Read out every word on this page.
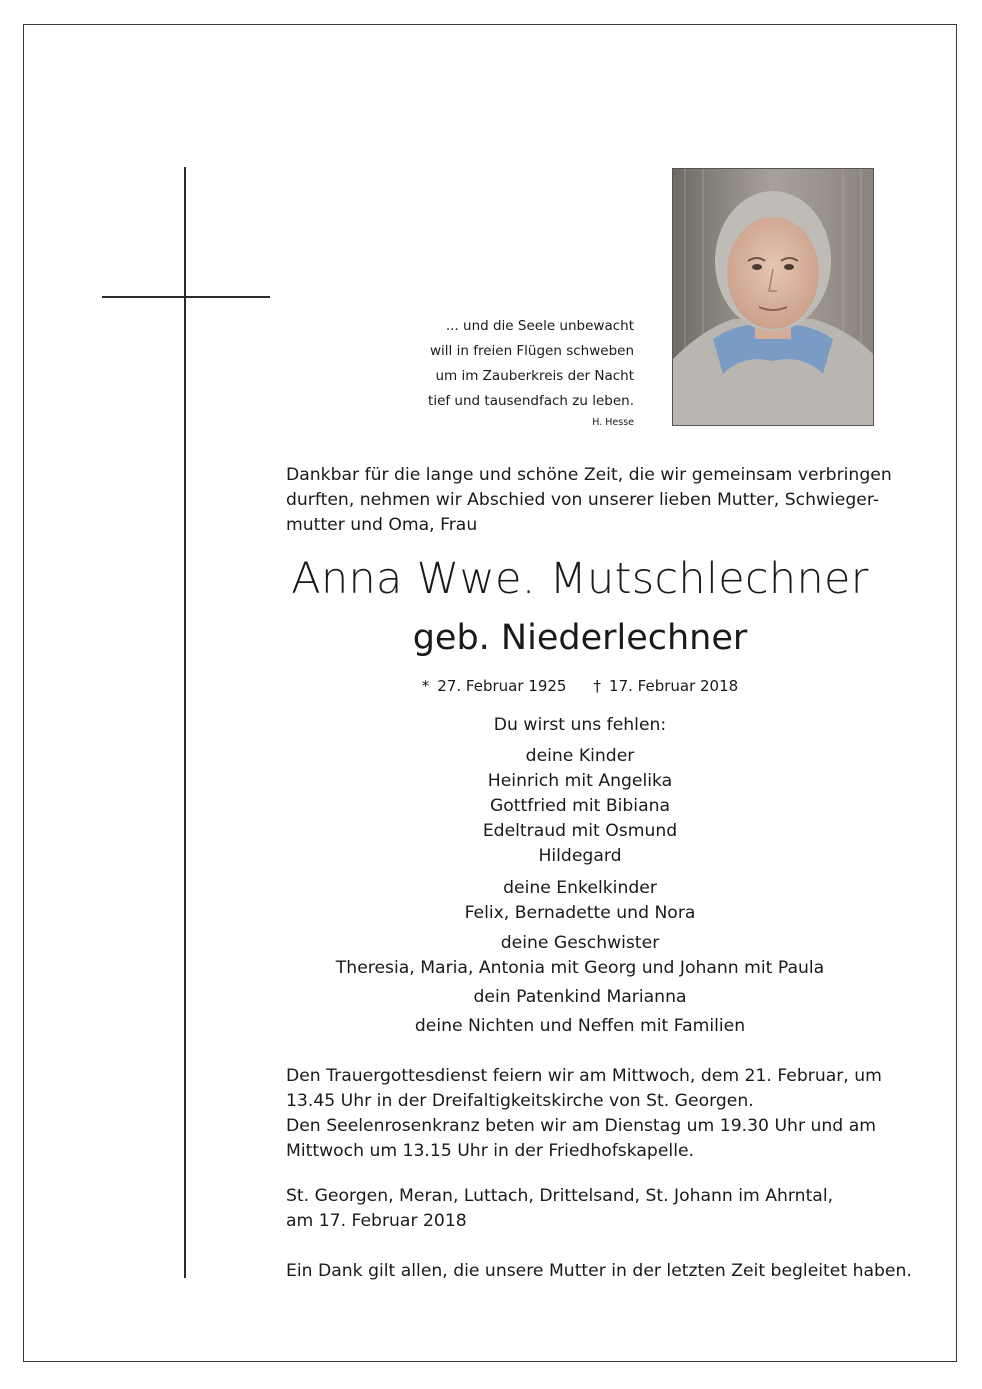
... und die Seele unbewacht
will in freien Flügen schweben
um im Zauberkreis der Nacht
tief und tausendfach zu leben.
H. Hesse
Dankbar für die lange und schöne Zeit, die wir gemeinsam verbringen
durften, nehmen wir Abschied von unserer lieben Mutter, Schwieger-
mutter und Oma, Frau
Anna Wwe. Mutschlechner
geb. Niederlechner
* 27. Februar 1925 † 17. Februar 2018
Du wirst uns fehlen:
deine Kinder
Heinrich mit Angelika
Gottfried mit Bibiana
Edeltraud mit Osmund
Hildegard
deine Enkelkinder
Felix, Bernadette und Nora
deine Geschwister
Theresia, Maria, Antonia mit Georg und Johann mit Paula
dein Patenkind Marianna
deine Nichten und Neffen mit Familien
Den Trauergottesdienst feiern wir am Mittwoch, dem 21. Februar, um
13.45 Uhr in der Dreifaltigkeitskirche von St. Georgen.
Den Seelenrosenkranz beten wir am Dienstag um 19.30 Uhr und am
Mittwoch um 13.15 Uhr in der Friedhofskapelle.
St. Georgen, Meran, Luttach, Drittelsand, St. Johann im Ahrntal,
am 17. Februar 2018
Ein Dank gilt allen, die unsere Mutter in der letzten Zeit begleitet haben.
